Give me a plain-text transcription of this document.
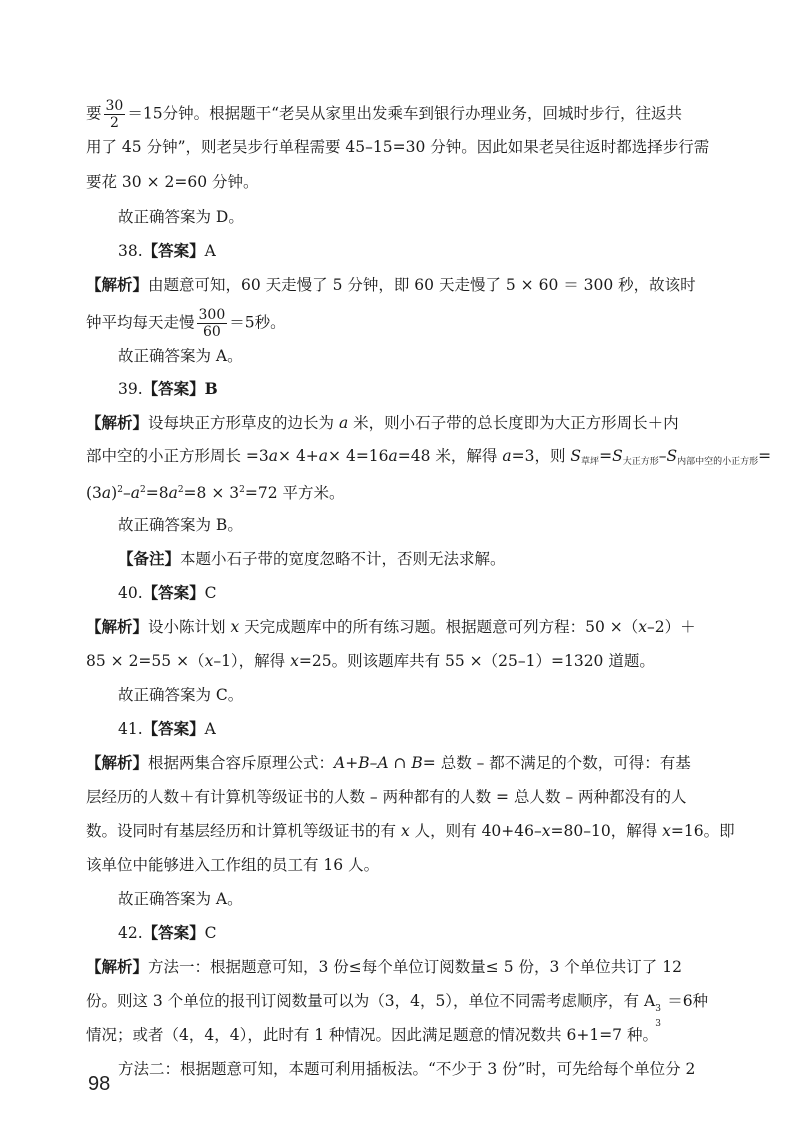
要 $\frac{30}{2} =15$分钟。根据题干“老吴从家里出发乘车到银行办理业务，回城时步行，往返共
用了 45 分钟”，则老吴步行单程需要 45–15=30 分钟。因此如果老吴往返时都选择步行需
要花 30 × 2=60 分钟。
故正确答案为 D。
38.【答案】A
【解析】由题意可知，60 天走慢了 5 分钟，即 60 天走慢了 5 × 60 ＝ 300 秒，故该时
钟平均每天走慢 $\frac{300}{60} =5$秒。
故正确答案为 A。
39.【答案】B
【解析】设每块正方形草皮的边长为 a 米，则小石子带的总长度即为大正方形周长＋内
部中空的小正方形周长 =3a× 4+a× 4=16a=48 米，解得 a=3，则 $S_{草坪}=S_{大正方形}-S_{内部中空的小正方形}=$
$(3a)^2-a^2=8a^2=8 \times 3^2=72$ 平方米。
故正确答案为 B。
【备注】本题小石子带的宽度忽略不计，否则无法求解。
40.【答案】C
【解析】设小陈计划 x 天完成题库中的所有练习题。根据题意可列方程：50 ×（x–2）＋
85 × 2=55 ×（x–1），解得 x=25。则该题库共有 55 ×（25–1）=1320 道题。
故正确答案为 C。
41.【答案】A
【解析】根据两集合容斥原理公式：A+B–A ∩ B= 总数 – 都不满足的个数，可得：有基
层经历的人数＋有计算机等级证书的人数 – 两种都有的人数 = 总人数 – 两种都没有的人
数。设同时有基层经历和计算机等级证书的有 x 人，则有 40+46–x=80–10，解得 x=16。即
该单位中能够进入工作组的员工有 16 人。
故正确答案为 A。
42.【答案】C
【解析】方法一：根据题意可知，3 份≤每个单位订阅数量≤ 5 份，3 个单位共订了 12
份。则这 3 个单位的报刊订阅数量可以为（3，4，5），单位不同需考虑顺序，有 A 3
3
＝6种
情况；或者（4，4，4），此时有 1 种情况。因此满足题意的情况数共 6+1=7 种。
方法二：根据题意可知，本题可利用插板法。“不少于 3 份”时，可先给每个单位分 2
98
